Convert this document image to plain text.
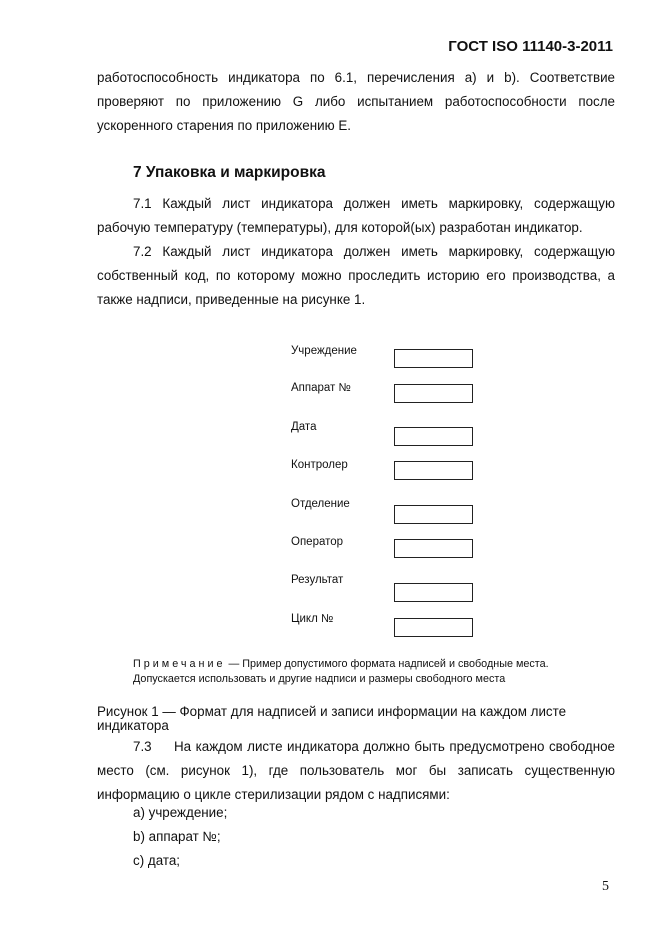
ГОСТ ISO 11140-3-2011
работоспособность индикатора по 6.1, перечисления а) и b). Соответствие проверяют по приложению G либо испытанием работоспособности после ускоренного старения по приложению Е.
7 Упаковка и маркировка
7.1 Каждый лист индикатора должен иметь маркировку, содержащую рабочую температуру (температуры), для которой(ых) разработан индикатор.
7.2 Каждый лист индикатора должен иметь маркировку, содержащую собственный код, по которому можно проследить историю его производства, а также надписи, приведенные на рисунке 1.
Учреждение
Аппарат №
Дата
Контролер
Отделение
Оператор
Результат
Цикл №
Примечание — Пример допустимого формата надписей и свободные места. Допускается использовать и другие надписи и размеры свободного места
Рисунок 1 — Формат для надписей и записи информации на каждом листе индикатора
7.3   На каждом листе индикатора должно быть предусмотрено свободное место (см. рисунок 1), где пользователь мог бы записать существенную информацию о цикле стерилизации рядом с надписями:
а) учреждение;
b) аппарат №;
с) дата;
5
